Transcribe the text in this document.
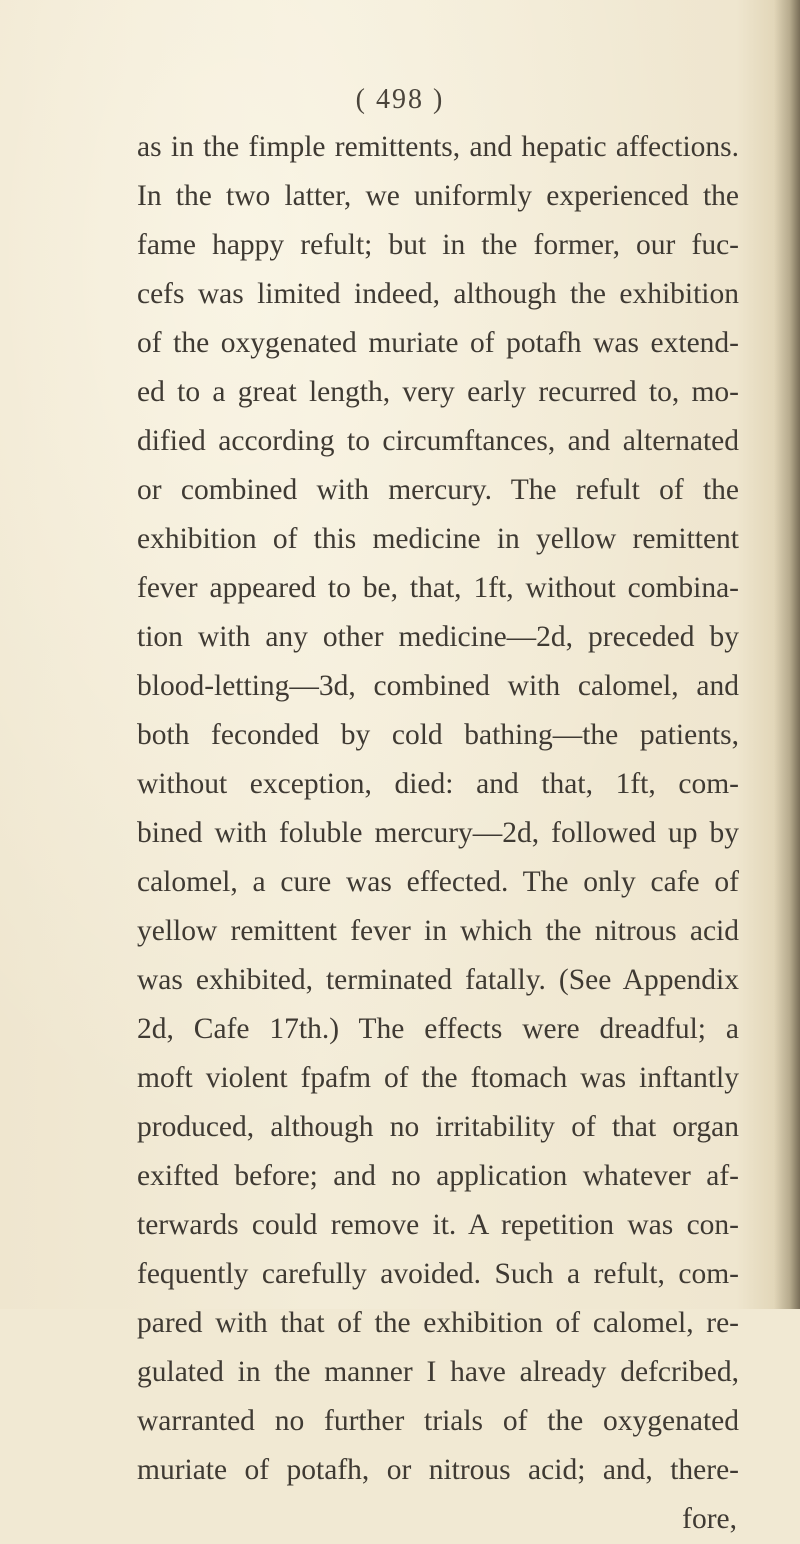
( 498 )
as in the fimple remittents, and hepatic affections.
In the two latter, we uniformly experienced the
fame happy refult; but in the former, our fuc-
cefs was limited indeed, although the exhibition
of the oxygenated muriate of potafh was extend-
ed to a great length, very early recurred to, mo-
dified according to circumftances, and alternated
or combined with mercury. The refult of the
exhibition of this medicine in yellow remittent
fever appeared to be, that, 1ft, without combina-
tion with any other medicine—2d, preceded by
blood-letting—3d, combined with calomel, and
both feconded by cold bathing—the patients,
without exception, died: and that, 1ft, com-
bined with foluble mercury—2d, followed up by
calomel, a cure was effected. The only cafe of
yellow remittent fever in which the nitrous acid
was exhibited, terminated fatally. (See Appendix
2d, Cafe 17th.) The effects were dreadful; a
moft violent fpafm of the ftomach was inftantly
produced, although no irritability of that organ
exifted before; and no application whatever af-
terwards could remove it. A repetition was con-
fequently carefully avoided. Such a refult, com-
pared with that of the exhibition of calomel, re-
gulated in the manner I have already defcribed,
warranted no further trials of the oxygenated
muriate of potafh, or nitrous acid; and, there-
fore,
